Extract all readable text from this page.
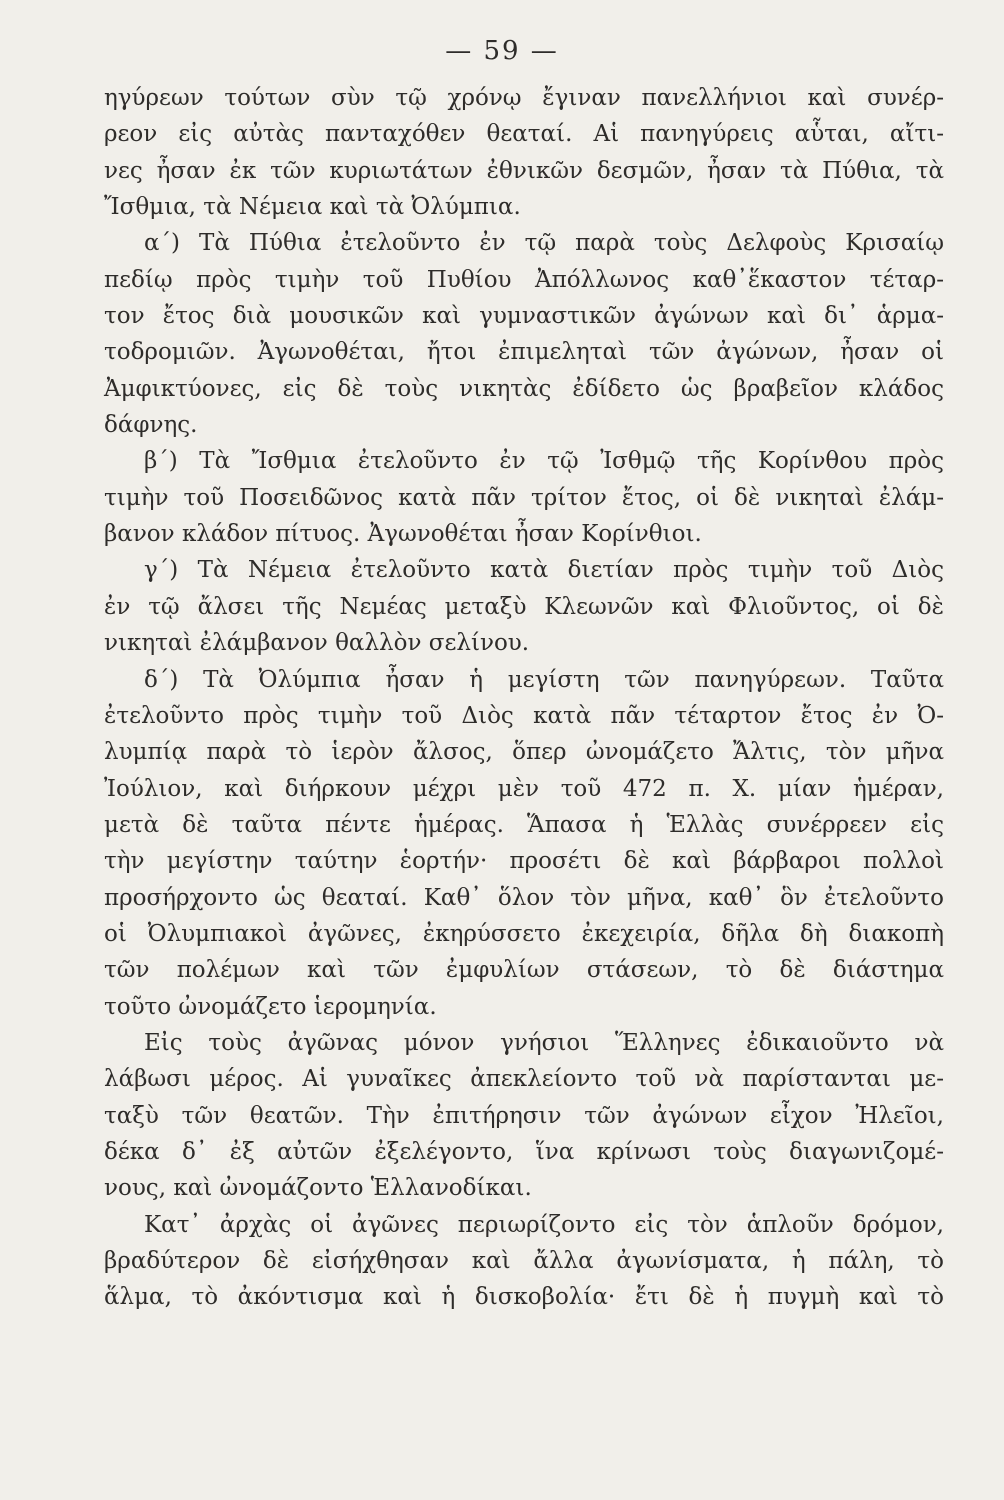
— 59 —
ηγύρεων τούτων σὺν τῷ χρόνῳ ἔγιναν πανελλήνιοι καὶ συνέρ-
ρεον εἰς αὐτὰς πανταχόθεν θεαταί. Αἱ πανηγύρεις αὗται, αἴτι-
νες ἦσαν ἐκ τῶν κυριωτάτων ἐθνικῶν δεσμῶν, ἦσαν τὰ Πύθια, τὰ
Ἴσθμια, τὰ Νέμεια καὶ τὰ Ὀλύμπια.
α΄) Τὰ Πύθια ἐτελοῦντο ἐν τῷ παρὰ τοὺς Δελφοὺς Κρισαίῳ
πεδίῳ πρὸς τιμὴν τοῦ Πυθίου Ἀπόλλωνος καθ᾽ἕκαστον τέταρ-
τον ἔτος διὰ μουσικῶν καὶ γυμναστικῶν ἀγώνων καὶ δι᾽ ἁρμα-
τοδρομιῶν. Ἀγωνοθέται, ἤτοι ἐπιμεληταὶ τῶν ἀγώνων, ἦσαν οἱ
Ἀμφικτύονες, εἰς δὲ τοὺς νικητὰς ἐδίδετο ὡς βραβεῖον κλάδος
δάφνης.
β΄) Τὰ Ἴσθμια ἐτελοῦντο ἐν τῷ Ἰσθμῷ τῆς Κορίνθου πρὸς
τιμὴν τοῦ Ποσειδῶνος κατὰ πᾶν τρίτον ἔτος, οἱ δὲ νικηταὶ ἐλάμ-
βανον κλάδον πίτυος. Ἀγωνοθέται ἦσαν Κορίνθιοι.
γ΄) Τὰ Νέμεια ἐτελοῦντο κατὰ διετίαν πρὸς τιμὴν τοῦ Διὸς
ἐν τῷ ἄλσει τῆς Νεμέας μεταξὺ Κλεωνῶν καὶ Φλιοῦντος, οἱ δὲ
νικηταὶ ἐλάμβανον θαλλὸν σελίνου.
δ΄) Τὰ Ὀλύμπια ἦσαν ἡ μεγίστη τῶν πανηγύρεων. Ταῦτα
ἐτελοῦντο πρὸς τιμὴν τοῦ Διὸς κατὰ πᾶν τέταρτον ἔτος ἐν Ὀ-
λυμπίᾳ παρὰ τὸ ἱερὸν ἄλσος, ὅπερ ὠνομάζετο Ἄλτις, τὸν μῆνα
Ἰούλιον, καὶ διήρκουν μέχρι μὲν τοῦ 472 π. Χ. μίαν ἡμέραν,
μετὰ δὲ ταῦτα πέντε ἡμέρας. Ἅπασα ἡ Ἑλλὰς συνέρρεεν εἰς
τὴν μεγίστην ταύτην ἑορτήν· προσέτι δὲ καὶ βάρβαροι πολλοὶ
προσήρχοντο ὡς θεαταί. Καθ᾽ ὅλον τὸν μῆνα, καθ᾽ ὃν ἐτελοῦντο
οἱ Ὀλυμπιακοὶ ἀγῶνες, ἐκηρύσσετο ἐκεχειρία, δῆλα δὴ διακοπὴ
τῶν πολέμων καὶ τῶν ἐμφυλίων στάσεων, τὸ δὲ διάστημα
τοῦτο ὠνομάζετο ἱερομηνία.
Εἰς τοὺς ἀγῶνας μόνον γνήσιοι Ἕλληνες ἐδικαιοῦντο νὰ
λάβωσι μέρος. Αἱ γυναῖκες ἀπεκλείοντο τοῦ νὰ παρίστανται με-
ταξὺ τῶν θεατῶν. Τὴν ἐπιτήρησιν τῶν ἀγώνων εἶχον Ἠλεῖοι,
δέκα δ᾽ ἐξ αὐτῶν ἐξελέγοντο, ἵνα κρίνωσι τοὺς διαγωνιζομέ-
νους, καὶ ὠνομάζοντο Ἑλλανοδίκαι.
Κατ᾽ ἀρχὰς οἱ ἀγῶνες περιωρίζοντο εἰς τὸν ἁπλοῦν δρόμον,
βραδύτερον δὲ εἰσήχθησαν καὶ ἄλλα ἀγωνίσματα, ἡ πάλη, τὸ
ἅλμα, τὸ ἀκόντισμα καὶ ἡ δισκοβολία· ἔτι δὲ ἡ πυγμὴ καὶ τὸ
